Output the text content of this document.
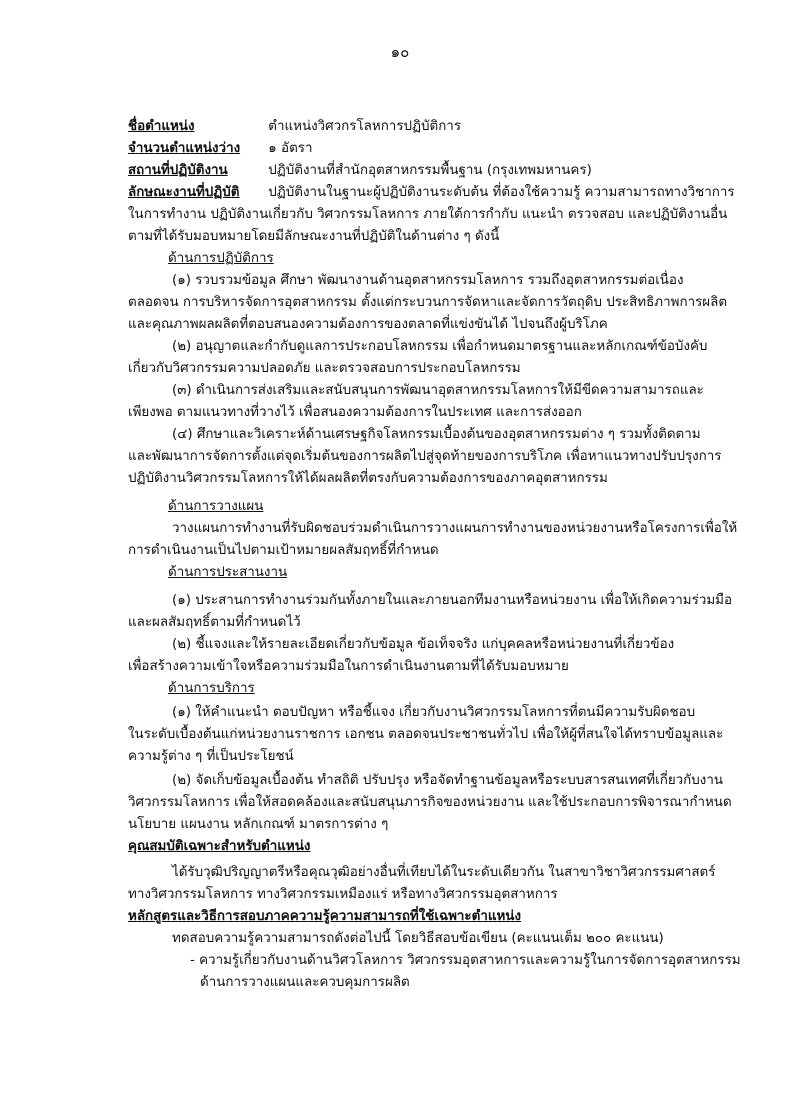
๑๐
ชื่อตำแหน่ง	ตำแหน่งวิศวกรโลหการปฏิบัติการ
จำนวนตำแหน่งว่าง ๑ อัตรา
สถานที่ปฏิบัติงาน	ปฏิบัติงานที่สำนักอุตสาหกรรมพื้นฐาน (กรุงเทพมหานคร)
ลักษณะงานที่ปฏิบัติ ปฏิบัติงานในฐานะผู้ปฏิบัติงานระดับต้น ที่ต้องใช้ความรู้ ความสามารถทางวิชาการ
ในการทำงาน ปฏิบัติงานเกี่ยวกับ วิศวกรรมโลหการ ภายใต้การกำกับ แนะนำ ตรวจสอบ และปฏิบัติงานอื่น
ตามที่ได้รับมอบหมายโดยมีลักษณะงานที่ปฏิบัติในด้านต่าง ๆ ดังนี้
ด้านการปฏิบัติการ
(๑) รวบรวมข้อมูล ศึกษา พัฒนางานด้านอุตสาหกรรมโลหการ รวมถึงอุตสาหกรรมต่อเนื่อง
ตลอดจน การบริหารจัดการอุตสาหกรรม ตั้งแต่กระบวนการจัดหาและจัดการวัตถุดิบ ประสิทธิภาพการผลิต
และคุณภาพผลผลิตที่ตอบสนองความต้องการของตลาดที่แข่งขันได้ ไปจนถึงผู้บริโภค
(๒) อนุญาตและกำกับดูแลการประกอบโลหกรรม เพื่อกำหนดมาตรฐานและหลักเกณฑ์ข้อบังคับ
เกี่ยวกับวิศวกรรมความปลอดภัย และตรวจสอบการประกอบโลหกรรม
(๓) ดำเนินการส่งเสริมและสนับสนุนการพัฒนาอุตสาหกรรมโลหการให้มีขีดความสามารถและ
เพียงพอ ตามแนวทางที่วางไว้ เพื่อสนองความต้องการในประเทศ และการส่งออก
(๔) ศึกษาและวิเคราะห์ด้านเศรษฐกิจโลหกรรมเบื้องต้นของอุตสาหกรรมต่าง ๆ รวมทั้งติดตาม
และพัฒนาการจัดการตั้งแต่จุดเริ่มต้นของการผลิตไปสู่จุดท้ายของการบริโภค เพื่อหาแนวทางปรับปรุงการ
ปฏิบัติงานวิศวกรรมโลหการให้ได้ผลผลิตที่ตรงกับความต้องการของภาคอุตสาหกรรม
ด้านการวางแผน
วางแผนการทำงานที่รับผิดชอบร่วมดำเนินการวางแผนการทำงานของหน่วยงานหรือโครงการเพื่อให้
การดำเนินงานเป็นไปตามเป้าหมายผลสัมฤทธิ์ที่กำหนด
ด้านการประสานงาน
(๑) ประสานการทำงานร่วมกันทั้งภายในและภายนอกทีมงานหรือหน่วยงาน เพื่อให้เกิดความร่วมมือ
และผลสัมฤทธิ์ตามที่กำหนดไว้
(๒) ชี้แจงและให้รายละเอียดเกี่ยวกับข้อมูล ข้อเท็จจริง แก่บุคคลหรือหน่วยงานที่เกี่ยวข้อง
เพื่อสร้างความเข้าใจหรือความร่วมมือในการดำเนินงานตามที่ได้รับมอบหมาย
ด้านการบริการ
(๑) ให้คำแนะนำ ตอบปัญหา หรือชี้แจง เกี่ยวกับงานวิศวกรรมโลหการที่ตนมีความรับผิดชอบ
ในระดับเบื้องต้นแก่หน่วยงานราชการ เอกชน ตลอดจนประชาชนทั่วไป เพื่อให้ผู้ที่สนใจได้ทราบข้อมูลและ
ความรู้ต่าง ๆ ที่เป็นประโยชน์
(๒) จัดเก็บข้อมูลเบื้องต้น ทำสถิติ ปรับปรุง หรือจัดทำฐานข้อมูลหรือระบบสารสนเทศที่เกี่ยวกับงาน
วิศวกรรมโลหการ เพื่อให้สอดคล้องและสนับสนุนภารกิจของหน่วยงาน และใช้ประกอบการพิจารณากำหนด
นโยบาย แผนงาน หลักเกณฑ์ มาตรการต่าง ๆ
คุณสมบัติเฉพาะสำหรับตำแหน่ง
ได้รับวุฒิปริญญาตรีหรือคุณวุฒิอย่างอื่นที่เทียบได้ในระดับเดียวกัน ในสาขาวิชาวิศวกรรมศาสตร์
ทางวิศวกรรมโลหการ ทางวิศวกรรมเหมืองแร่ หรือทางวิศวกรรมอุตสาหการ
หลักสูตรและวิธีการสอบภาคความรู้ความสามารถที่ใช้เฉพาะตำแหน่ง
ทดสอบความรู้ความสามารถดังต่อไปนี้ โดยวิธีสอบข้อเขียน (คะแนนเต็ม ๒๐๐ คะแนน)
- ความรู้เกี่ยวกับงานด้านวิศวโลหการ วิศวกรรมอุตสาหการและความรู้ในการจัดการอุตสาหกรรม
ด้านการวางแผนและควบคุมการผลิต
